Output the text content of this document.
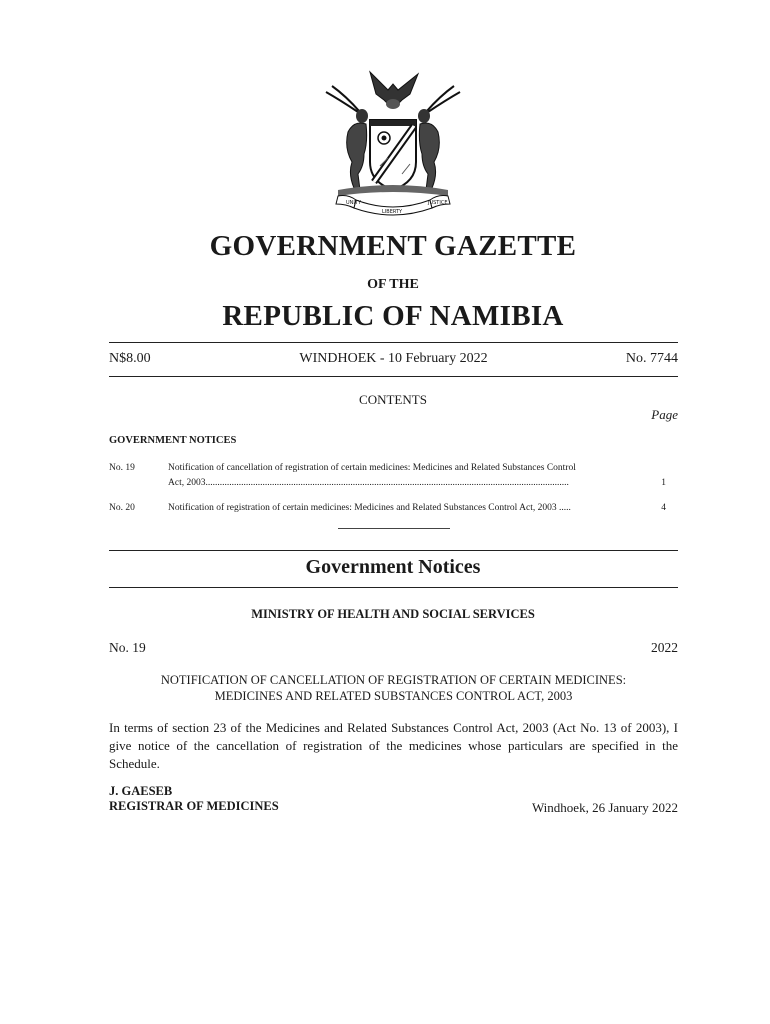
UNITY
LIBERTY
JUSTICE
GOVERNMENT GAZETTE
OF THE
REPUBLIC OF NAMIBIA
N$8.00	WINDHOEK - 10 February 2022	No. 7744
CONTENTS
Page
GOVERNMENT NOTICES
No. 19	Notification of cancellation of registration of certain medicines: Medicines and Related Substances Control
Act, 2003.........................................................................................................................................................	1
No. 20	Notification of registration of certain medicines: Medicines and Related Substances Control Act, 2003 .....	4
Government Notices
MINISTRY OF HEALTH AND SOCIAL SERVICES
No. 19	2022
NOTIFICATION OF CANCELLATION OF REGISTRATION OF CERTAIN MEDICINES:
MEDICINES AND RELATED SUBSTANCES CONTROL ACT, 2003
In terms of section 23 of the Medicines and Related Substances Control Act, 2003 (Act No. 13 of 2003), I give notice of the cancellation of registration of the medicines whose particulars are specified in the Schedule.
J. GAESEB
REGISTRAR OF MEDICINES	Windhoek, 26 January 2022
